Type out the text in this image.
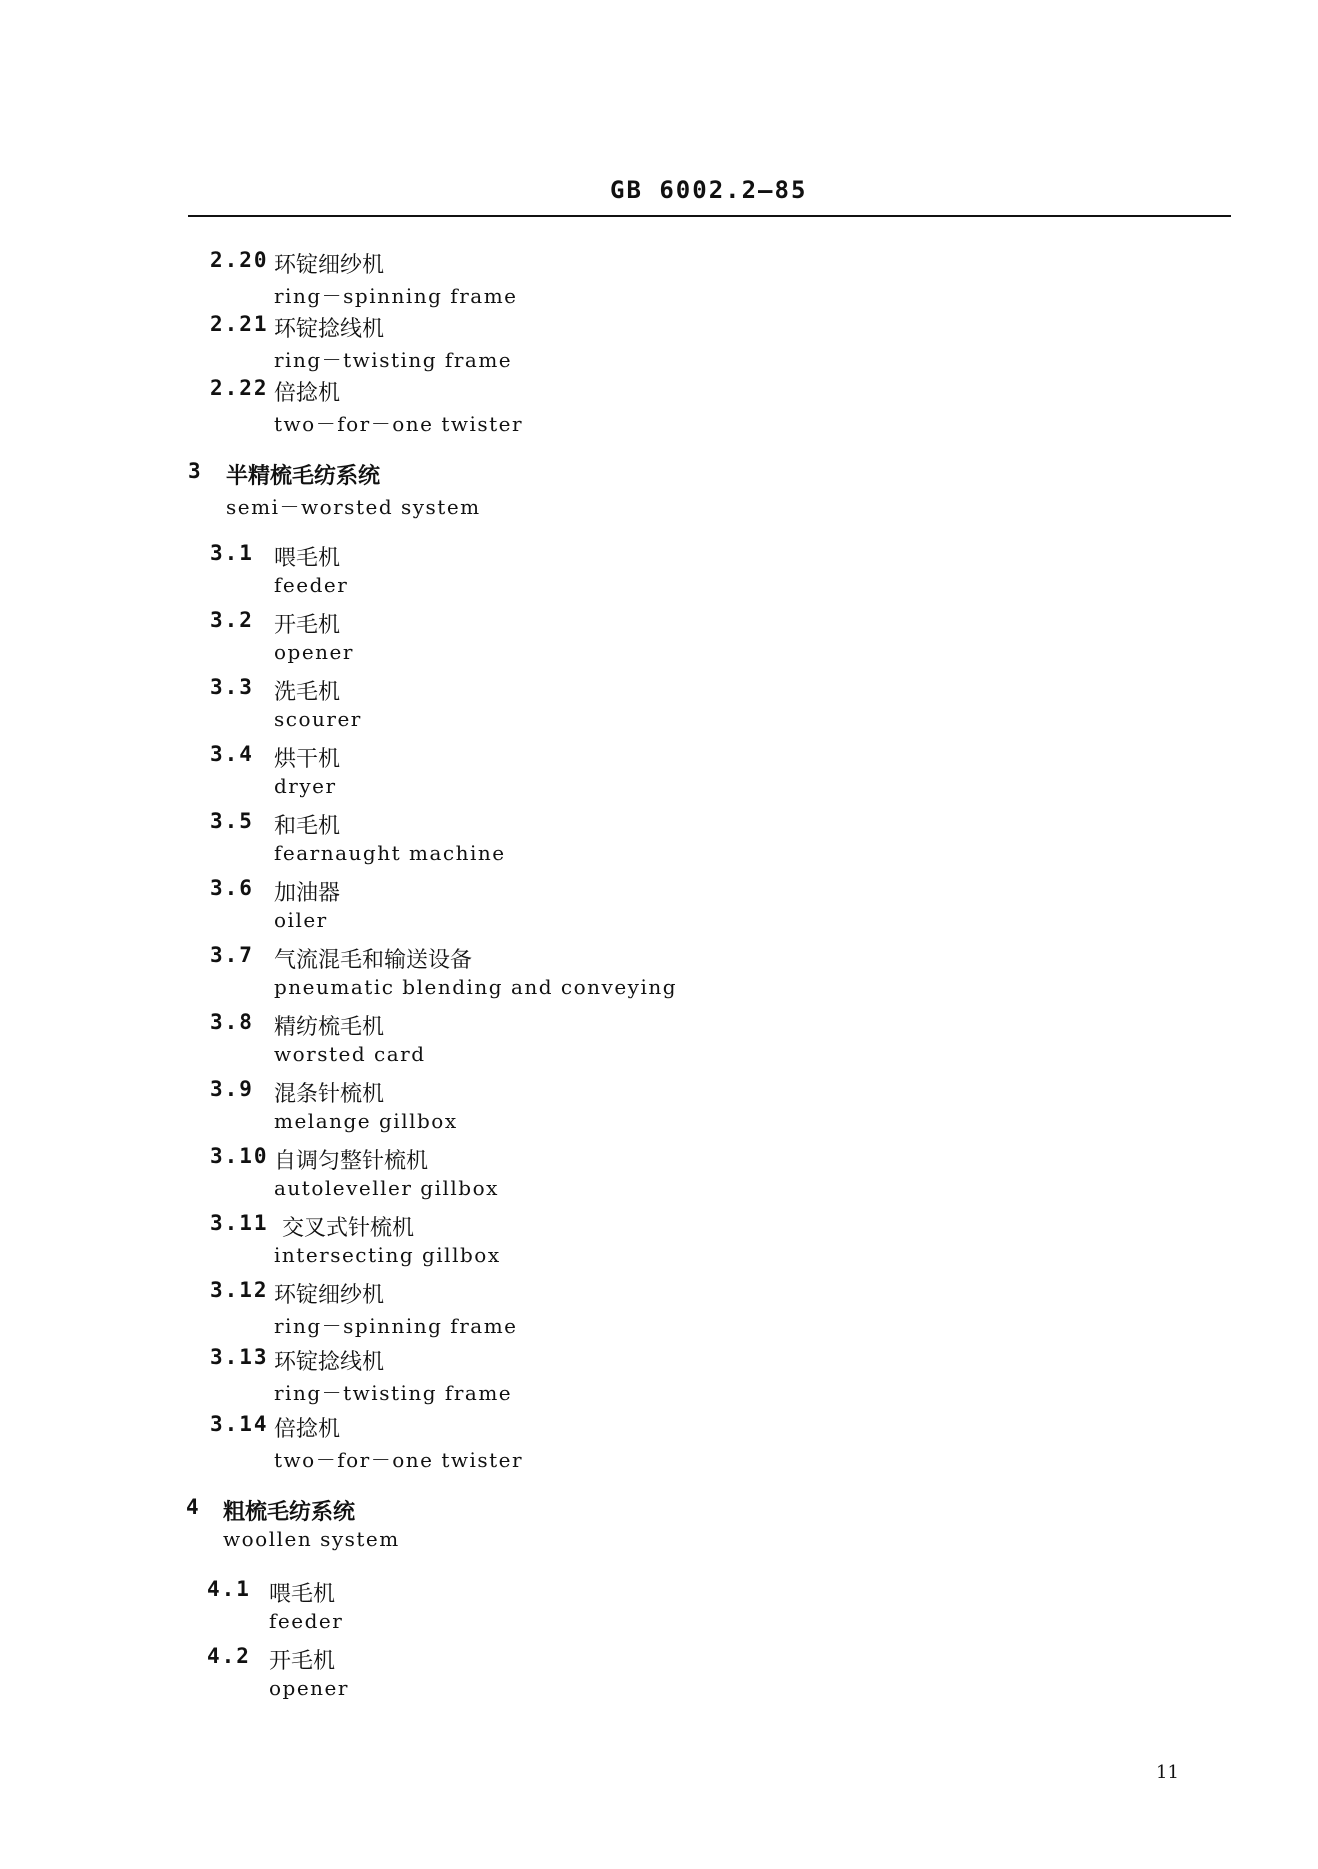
GB 6002.2—85
2.20 环锭细纱机
ring－spinning frame
2.21 环锭捻线机
ring－twisting frame
2.22 倍捻机
two－for－one twister
3 半精梳毛纺系统
semi－worsted system
3.1 喂毛机
feeder
3.2 开毛机
opener
3.3 洗毛机
scourer
3.4 烘干机
dryer
3.5 和毛机
fearnaught machine
3.6 加油器
oiler
3.7 气流混毛和输送设备
pneumatic blending and conveying
3.8 精纺梳毛机
worsted card
3.9 混条针梳机
melange gillbox
3.10 自调匀整针梳机
autoleveller gillbox
3.11 交叉式针梳机
intersecting gillbox
3.12 环锭细纱机
ring－spinning frame
3.13 环锭捻线机
ring－twisting frame
3.14 倍捻机
two－for－one twister
4 粗梳毛纺系统
woollen system
4.1 喂毛机
feeder
4.2 开毛机
opener
11
